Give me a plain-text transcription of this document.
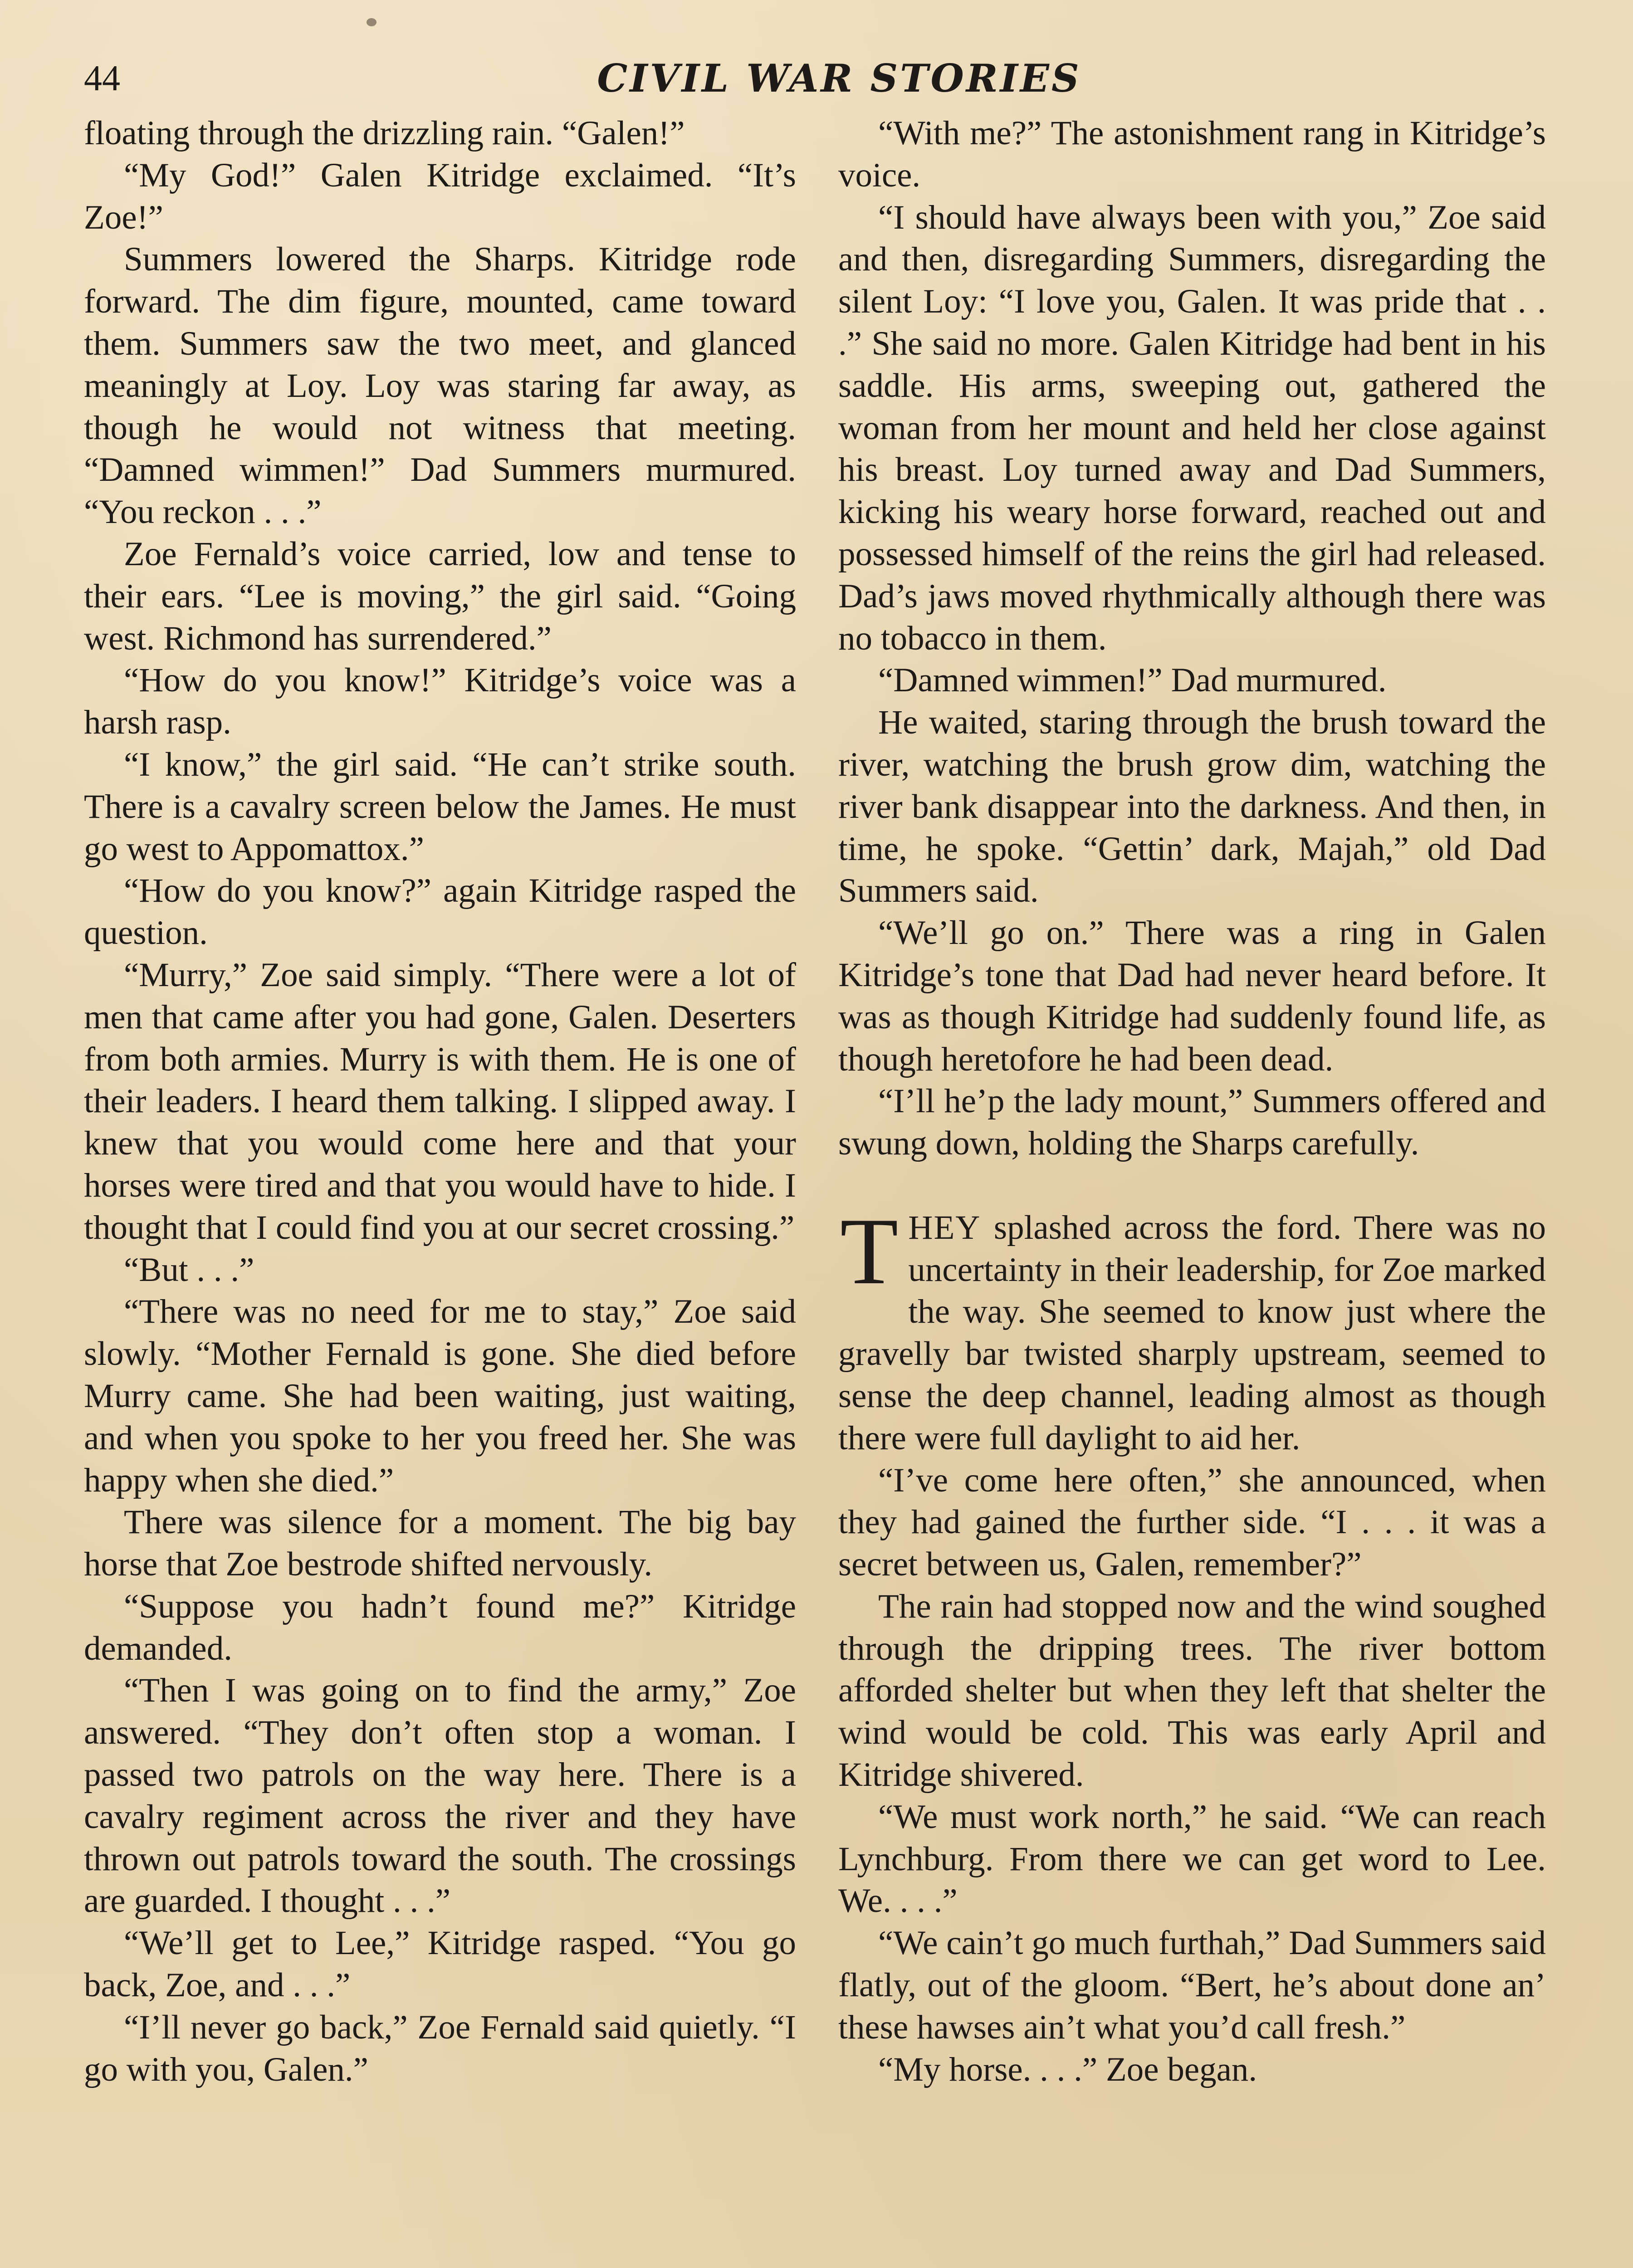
44	CIVIL WAR STORIES

floating through the drizzling rain. “Galen!”

“My God!” Galen Kitridge exclaimed. “It’s Zoe!”

Summers lowered the Sharps. Kitridge rode forward. The dim figure, mounted, came toward them. Summers saw the two meet, and glanced meaningly at Loy. Loy was staring far away, as though he would not witness that meeting. “Damned wimmen!” Dad Summers murmured. “You reckon . . .”

Zoe Fernald’s voice carried, low and tense to their ears. “Lee is moving,” the girl said. “Going west. Richmond has surrendered.”

“How do you know!” Kitridge’s voice was a harsh rasp.

“I know,” the girl said. “He can’t strike south. There is a cavalry screen below the James. He must go west to Appomattox.”

“How do you know?” again Kitridge rasped the question.

“Murry,” Zoe said simply. “There were a lot of men that came after you had gone, Galen. Deserters from both armies. Murry is with them. He is one of their leaders. I heard them talking. I slipped away. I knew that you would come here and that your horses were tired and that you would have to hide. I thought that I could find you at our secret crossing.”

“But . . .”

“There was no need for me to stay,” Zoe said slowly. “Mother Fernald is gone. She died before Murry came. She had been waiting, just waiting, and when you spoke to her you freed her. She was happy when she died.”

There was silence for a moment. The big bay horse that Zoe bestrode shifted nervously.

“Suppose you hadn’t found me?” Kitridge demanded.

“Then I was going on to find the army,” Zoe answered. “They don’t often stop a woman. I passed two patrols on the way here. There is a cavalry regiment across the river and they have thrown out patrols toward the south. The crossings are guarded. I thought . . .”

“We’ll get to Lee,” Kitridge rasped. “You go back, Zoe, and . . .”

“I’ll never go back,” Zoe Fernald said quietly. “I go with you, Galen.”

“With me?” The astonishment rang in Kitridge’s voice.

“I should have always been with you,” Zoe said and then, disregarding Summers, disregarding the silent Loy: “I love you, Galen. It was pride that . . .” She said no more. Galen Kitridge had bent in his saddle. His arms, sweeping out, gathered the woman from her mount and held her close against his breast. Loy turned away and Dad Summers, kicking his weary horse forward, reached out and possessed himself of the reins the girl had released. Dad’s jaws moved rhythmically although there was no tobacco in them.

“Damned wimmen!” Dad murmured.

He waited, staring through the brush toward the river, watching the brush grow dim, watching the river bank disappear into the darkness. And then, in time, he spoke. “Gettin’ dark, Majah,” old Dad Summers said.

“We’ll go on.” There was a ring in Galen Kitridge’s tone that Dad had never heard before. It was as though Kitridge had suddenly found life, as though heretofore he had been dead.

“I’ll he’p the lady mount,” Summers offered and swung down, holding the Sharps carefully.

THEY splashed across the ford. There was no uncertainty in their leadership, for Zoe marked the way. She seemed to know just where the gravelly bar twisted sharply upstream, seemed to sense the deep channel, leading almost as though there were full daylight to aid her.

“I’ve come here often,” she announced, when they had gained the further side. “I . . . it was a secret between us, Galen, remember?”

The rain had stopped now and the wind soughed through the dripping trees. The river bottom afforded shelter but when they left that shelter the wind would be cold. This was early April and Kitridge shivered.

“We must work north,” he said. “We can reach Lynchburg. From there we can get word to Lee. We. . . .”

“We cain’t go much furthah,” Dad Summers said flatly, out of the gloom. “Bert, he’s about done an’ these hawses ain’t what you’d call fresh.”

“My horse. . . .” Zoe began.
